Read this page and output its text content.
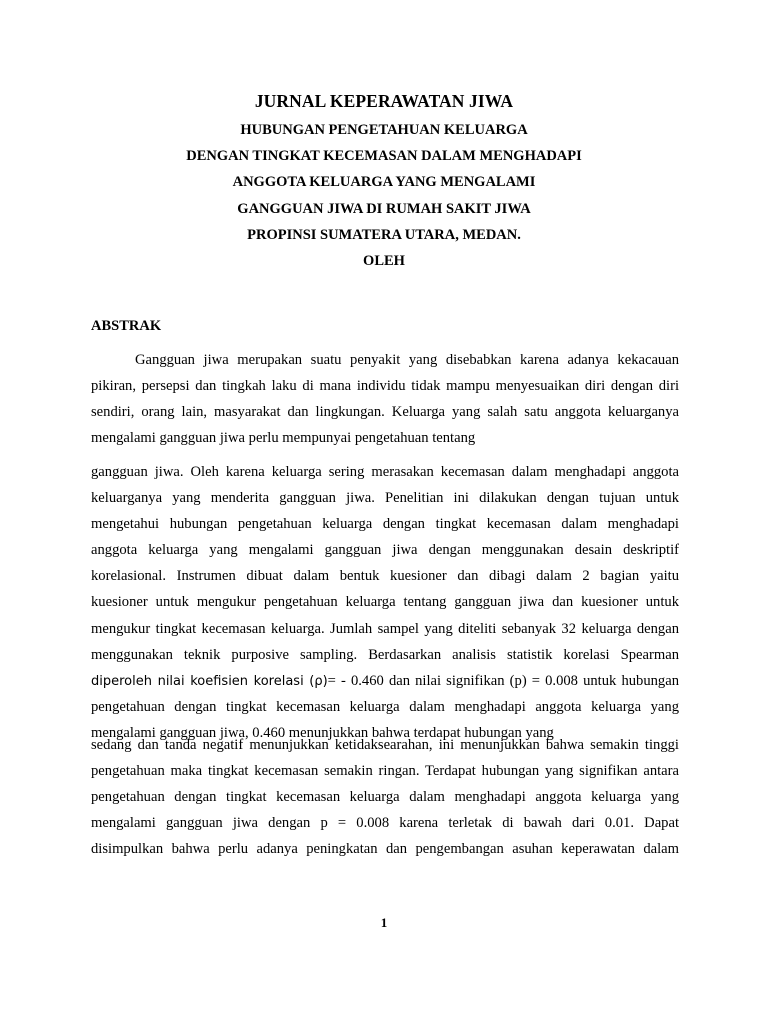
JURNAL KEPERAWATAN JIWA
HUBUNGAN PENGETAHUAN KELUARGA
DENGAN TINGKAT KECEMASAN DALAM MENGHADAPI
ANGGOTA KELUARGA YANG MENGALAMI
GANGGUAN JIWA DI RUMAH SAKIT JIWA
PROPINSI SUMATERA UTARA, MEDAN.
OLEH
ABSTRAK
Gangguan jiwa merupakan suatu penyakit yang disebabkan karena adanya kekacauan
pikiran, persepsi dan tingkah laku di mana individu tidak mampu menyesuaikan diri dengan diri
sendiri, orang lain, masyarakat dan lingkungan. Keluarga yang salah satu anggota keluarganya
mengalami gangguan jiwa perlu mempunyai pengetahuan tentang
gangguan jiwa. Oleh karena keluarga sering merasakan kecemasan dalam menghadapi anggota
keluarganya yang menderita gangguan jiwa. Penelitian ini dilakukan dengan tujuan untuk
mengetahui hubungan pengetahuan keluarga dengan tingkat kecemasan dalam menghadapi
anggota keluarga yang mengalami gangguan jiwa dengan menggunakan desain deskriptif
korelasional. Instrumen dibuat dalam bentuk kuesioner dan dibagi dalam 2 bagian yaitu
kuesioner untuk mengukur pengetahuan keluarga tentang gangguan jiwa dan kuesioner untuk
mengukur tingkat kecemasan keluarga. Jumlah sampel yang diteliti sebanyak 32 keluarga dengan
menggunakan teknik purposive sampling. Berdasarkan analisis statistik korelasi Spearman
diperoleh nilai koefisien korelasi (ρ)= - 0.460 dan nilai signifikan (p) = 0.008 untuk hubungan
pengetahuan dengan tingkat kecemasan keluarga dalam menghadapi anggota keluarga yang
mengalami gangguan jiwa, 0.460 menunjukkan bahwa terdapat hubungan yang
sedang dan tanda negatif menunjukkan ketidaksearahan, ini menunjukkan bahwa semakin tinggi
pengetahuan maka tingkat kecemasan semakin ringan. Terdapat hubungan yang signifikan antara
pengetahuan dengan tingkat kecemasan keluarga dalam menghadapi anggota keluarga yang
mengalami gangguan jiwa dengan p = 0.008 karena terletak di bawah dari 0.01. Dapat
disimpulkan bahwa perlu adanya peningkatan dan pengembangan asuhan keperawatan dalam
1
